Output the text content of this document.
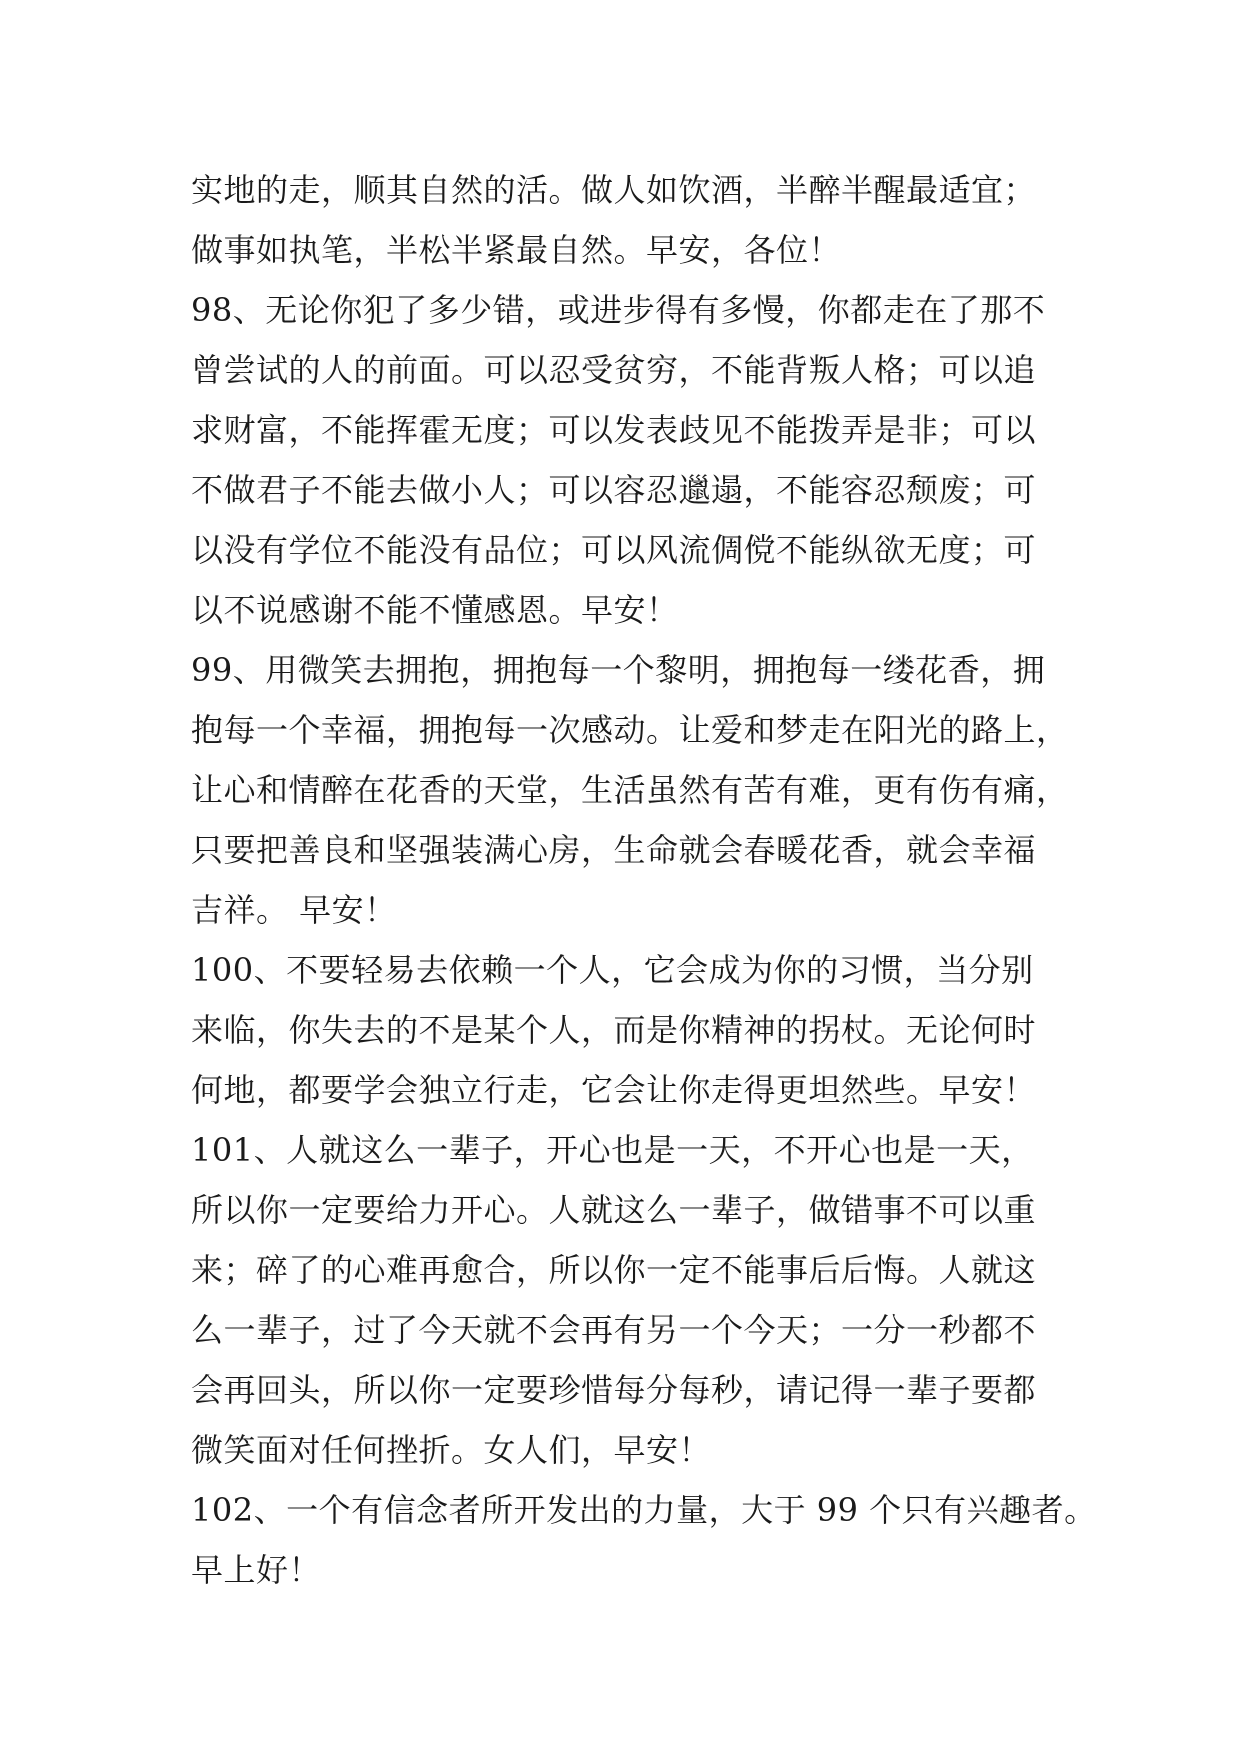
实地的走，顺其自然的活。做人如饮酒，半醉半醒最适宜；
做事如执笔，半松半紧最自然。早安，各位！
98、无论你犯了多少错，或进步得有多慢，你都走在了那不
曾尝试的人的前面。可以忍受贫穷，不能背叛人格；可以追
求财富，不能挥霍无度；可以发表歧见不能拨弄是非；可以
不做君子不能去做小人；可以容忍邋遢，不能容忍颓废；可
以没有学位不能没有品位；可以风流倜傥不能纵欲无度；可
以不说感谢不能不懂感恩。早安！
99、用微笑去拥抱，拥抱每一个黎明，拥抱每一缕花香，拥
抱每一个幸福，拥抱每一次感动。让爱和梦走在阳光的路上，
让心和情醉在花香的天堂，生活虽然有苦有难，更有伤有痛，
只要把善良和坚强装满心房，生命就会春暖花香，就会幸福
吉祥。 早安！
100、不要轻易去依赖一个人，它会成为你的习惯，当分别
来临，你失去的不是某个人，而是你精神的拐杖。无论何时
何地，都要学会独立行走，它会让你走得更坦然些。早安！
101、人就这么一辈子，开心也是一天，不开心也是一天，
所以你一定要给力开心。人就这么一辈子，做错事不可以重
来；碎了的心难再愈合，所以你一定不能事后后悔。人就这
么一辈子，过了今天就不会再有另一个今天；一分一秒都不
会再回头，所以你一定要珍惜每分每秒，请记得一辈子要都
微笑面对任何挫折。女人们，早安！
102、一个有信念者所开发出的力量，大于 99 个只有兴趣者。
早上好！
